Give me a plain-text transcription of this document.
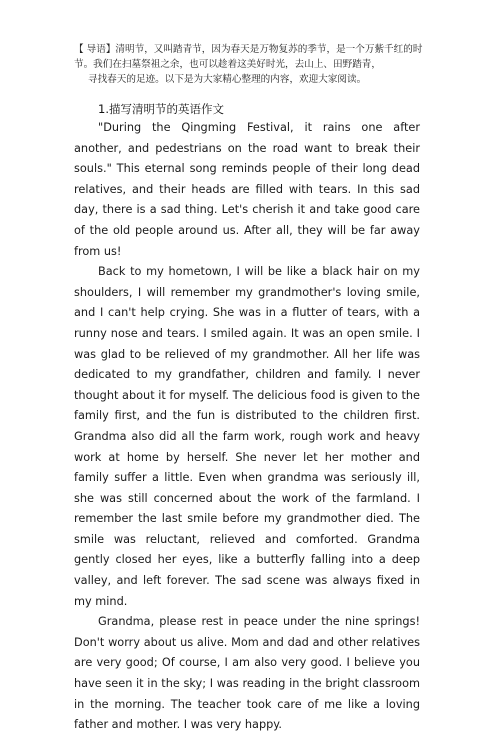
【 导语】清明节，又叫踏青节，因为春天是万物复苏的季节，是一个万紫千红的时节。我们在扫墓祭祖之余，也可以趁着这美好时光，去山上、田野踏青，
寻找春天的足迹。以下是为大家精心整理的内容，欢迎大家阅读。
1.描写清明节的英语作文

"During the Qingming Festival, it rains one after another, and pedestrians on the road want to break their souls." This eternal song reminds people of their long dead relatives, and their heads are filled with tears. In this sad day, there is a sad thing. Let's cherish it and take good care of the old people around us. After all, they will be far away from us!

Back to my hometown, I will be like a black hair on my shoulders, I will remember my grandmother's loving smile, and I can't help crying. She was in a flutter of tears, with a runny nose and tears. I smiled again. It was an open smile. I was glad to be relieved of my grandmother. All her life was dedicated to my grandfather, children and family. I never thought about it for myself. The delicious food is given to the family first, and the fun is distributed to the children first. Grandma also did all the farm work, rough work and heavy work at home by herself. She never let her mother and family suffer a little. Even when grandma was seriously ill, she was still concerned about the work of the farmland. I remember the last smile before my grandmother died. The smile was reluctant, relieved and comforted. Grandma gently closed her eyes, like a butterfly falling into a deep valley, and left forever. The sad scene was always fixed in my mind.

Grandma, please rest in peace under the nine springs! Don't worry about us alive. Mom and dad and other relatives are very good; Of course, I am also very good. I believe you have seen it in the sky; I was reading in the bright classroom in the morning. The teacher took care of me like a loving father and mother. I was very happy.
